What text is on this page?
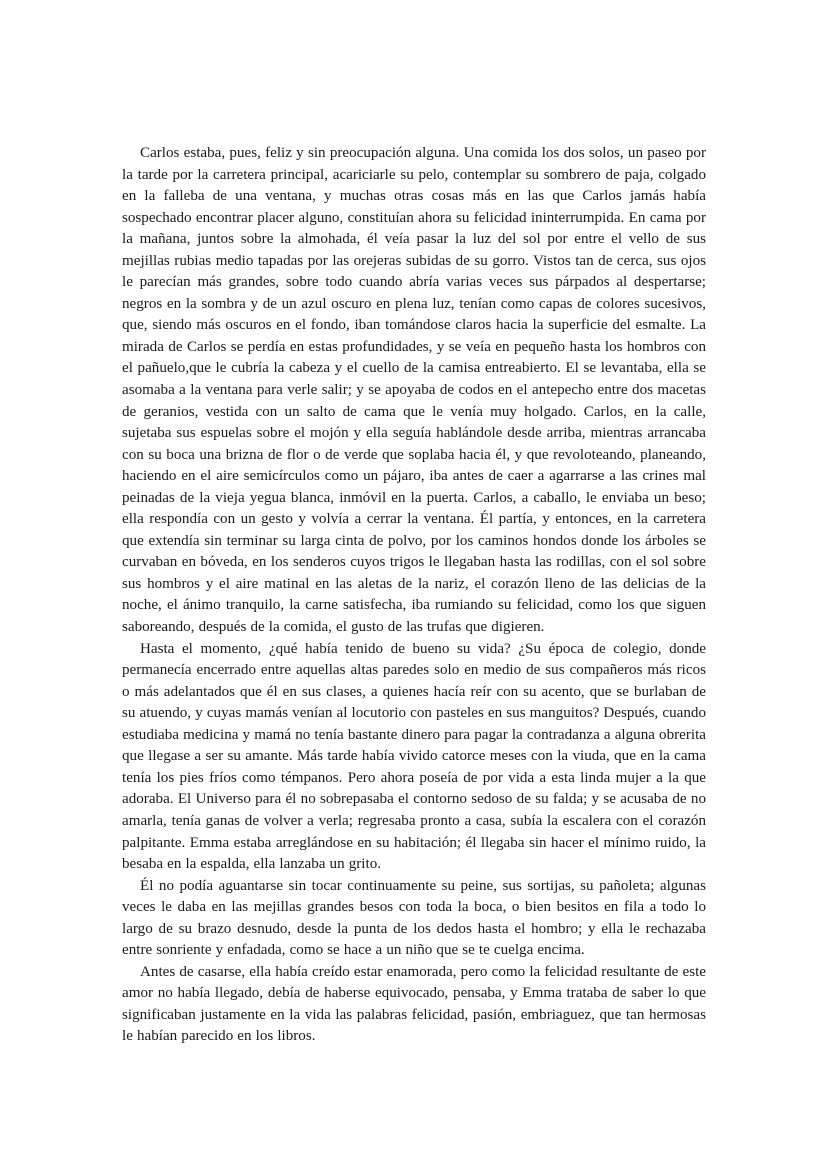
Carlos estaba, pues, feliz y sin preocupación alguna. Una comida los dos solos, un paseo por la tarde por la carretera principal, acariciarle su pelo, contemplar su sombrero de paja, colgado en la falleba de una ventana, y muchas otras cosas más en las que Carlos jamás había sospechado encontrar placer alguno, constituían ahora su felicidad ininterrumpida. En cama por la mañana, juntos sobre la almohada, él veía pasar la luz del sol por entre el vello de sus mejillas rubias medio tapadas por las orejeras subidas de su gorro. Vistos tan de cerca, sus ojos le parecían más grandes, sobre todo cuando abría varias veces sus párpados al despertarse; negros en la sombra y de un azul oscuro en plena luz, tenían como capas de colores sucesivos, que, siendo más oscuros en el fondo, iban tomándose claros hacia la superficie del esmalte. La mirada de Carlos se perdía en estas profundidades, y se veía en pequeño hasta los hombros con el pañuelo,que le cubría la cabeza y el cuello de la camisa entreabierto. El se levantaba, ella se asomaba a la ventana para verle salir; y se apoyaba de codos en el antepecho entre dos macetas de geranios, vestida con un salto de cama que le venía muy holgado. Carlos, en la calle, sujetaba sus espuelas sobre el mojón y ella seguía hablándole desde arriba, mientras arrancaba con su boca una brizna de flor o de verde que soplaba hacia él, y que revoloteando, planeando, haciendo en el aire semicírculos como un pájaro, iba antes de caer a agarrarse a las crines mal peinadas de la vieja yegua blanca, inmóvil en la puerta. Carlos, a caballo, le enviaba un beso; ella respondía con un gesto y volvía a cerrar la ventana. Él partía, y entonces, en la carretera que extendía sin terminar su larga cinta de polvo, por los caminos hondos donde los árboles se curvaban en bóveda, en los senderos cuyos trigos le llegaban hasta las rodillas, con el sol sobre sus hombros y el aire matinal en las aletas de la nariz, el corazón lleno de las delicias de la noche, el ánimo tranquilo, la carne satisfecha, iba rumiando su felicidad, como los que siguen saboreando, después de la comida, el gusto de las trufas que digieren.

Hasta el momento, ¿qué había tenido de bueno su vida? ¿Su época de colegio, donde permanecía encerrado entre aquellas altas paredes solo en medio de sus compañeros más ricos o más adelantados que él en sus clases, a quienes hacía reír con su acento, que se burlaban de su atuendo, y cuyas mamás venían al locutorio con pasteles en sus manguitos? Después, cuando estudiaba medicina y mamá no tenía bastante dinero para pagar la contradanza a alguna obrerita que llegase a ser su amante. Más tarde había vivido catorce meses con la viuda, que en la cama tenía los pies fríos como témpanos. Pero ahora poseía de por vida a esta linda mujer a la que adoraba. El Universo para él no sobrepasaba el contorno sedoso de su falda; y se acusaba de no amarla, tenía ganas de volver a verla; regresaba pronto a casa, subía la escalera con el corazón palpitante. Emma estaba arreglándose en su habitación; él llegaba sin hacer el mínimo ruido, la besaba en la espalda, ella lanzaba un grito.

Él no podía aguantarse sin tocar continuamente su peine, sus sortijas, su pañoleta; algunas veces le daba en las mejillas grandes besos con toda la boca, o bien besitos en fila a todo lo largo de su brazo desnudo, desde la punta de los dedos hasta el hombro; y ella le rechazaba entre sonriente y enfadada, como se hace a un niño que se te cuelga encima.

Antes de casarse, ella había creído estar enamorada, pero como la felicidad resultante de este amor no había llegado, debía de haberse equivocado, pensaba, y Emma trataba de saber lo que significaban justamente en la vida las palabras felicidad, pasión, embriaguez, que tan hermosas le habían parecido en los libros.
